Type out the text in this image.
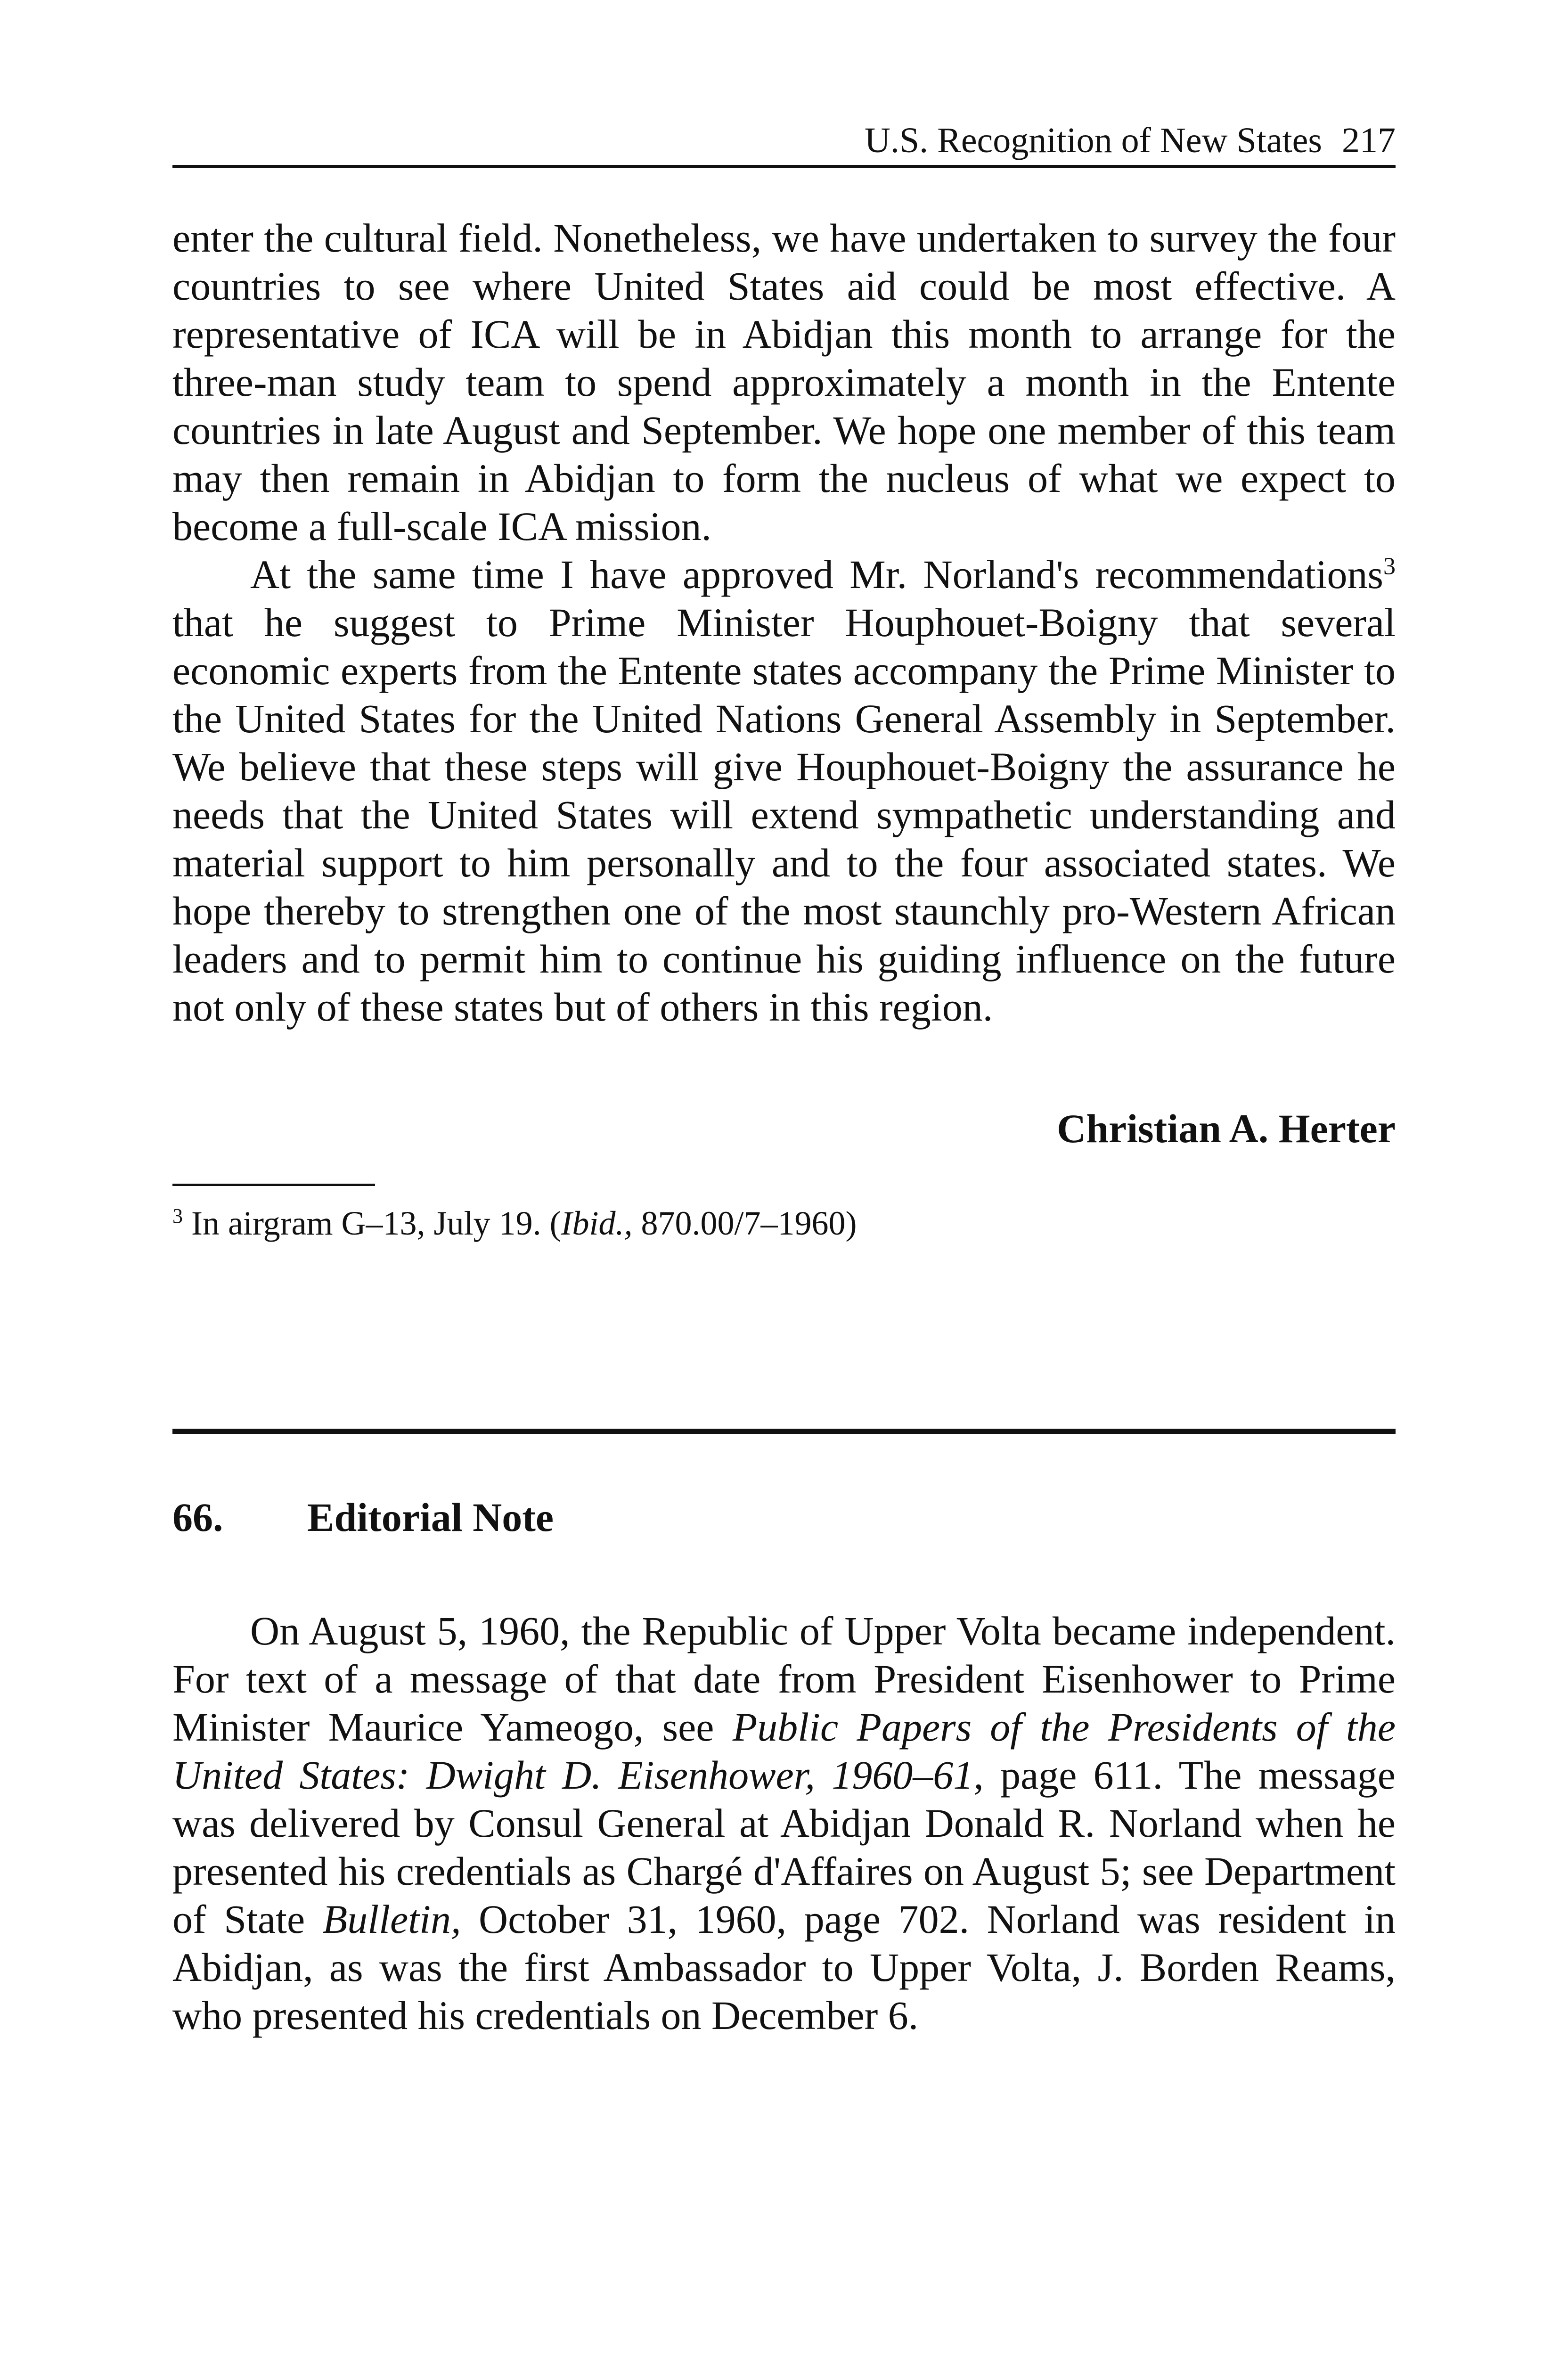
U.S. Recognition of New States 217

enter the cultural field. Nonetheless, we have undertaken to survey the four countries to see where United States aid could be most effective. A representative of ICA will be in Abidjan this month to arrange for the three-man study team to spend approximately a month in the Entente countries in late August and September. We hope one member of this team may then remain in Abidjan to form the nucleus of what we expect to become a full-scale ICA mission.

At the same time I have approved Mr. Norland's recommendations$^3$ that he suggest to Prime Minister Houphouet-Boigny that several economic experts from the Entente states accompany the Prime Minister to the United States for the United Nations General Assembly in September. We believe that these steps will give Houphouet-Boigny the assurance he needs that the United States will extend sympathetic understanding and material support to him personally and to the four associated states. We hope thereby to strengthen one of the most staunchly pro-Western African leaders and to permit him to continue his guiding influence on the future not only of these states but of others in this region.

Christian A. Herter
$^3$ In airgram G–13, July 19. (Ibid., 870.00/7–1960)
66. Editorial Note

On August 5, 1960, the Republic of Upper Volta became independent. For text of a message of that date from President Eisenhower to Prime Minister Maurice Yameogo, see Public Papers of the Presidents of the United States: Dwight D. Eisenhower, 1960–61, page 611. The message was delivered by Consul General at Abidjan Donald R. Norland when he presented his credentials as Chargé d'Affaires on August 5; see Department of State Bulletin, October 31, 1960, page 702. Norland was resident in Abidjan, as was the first Ambassador to Upper Volta, J. Borden Reams, who presented his credentials on December 6.
